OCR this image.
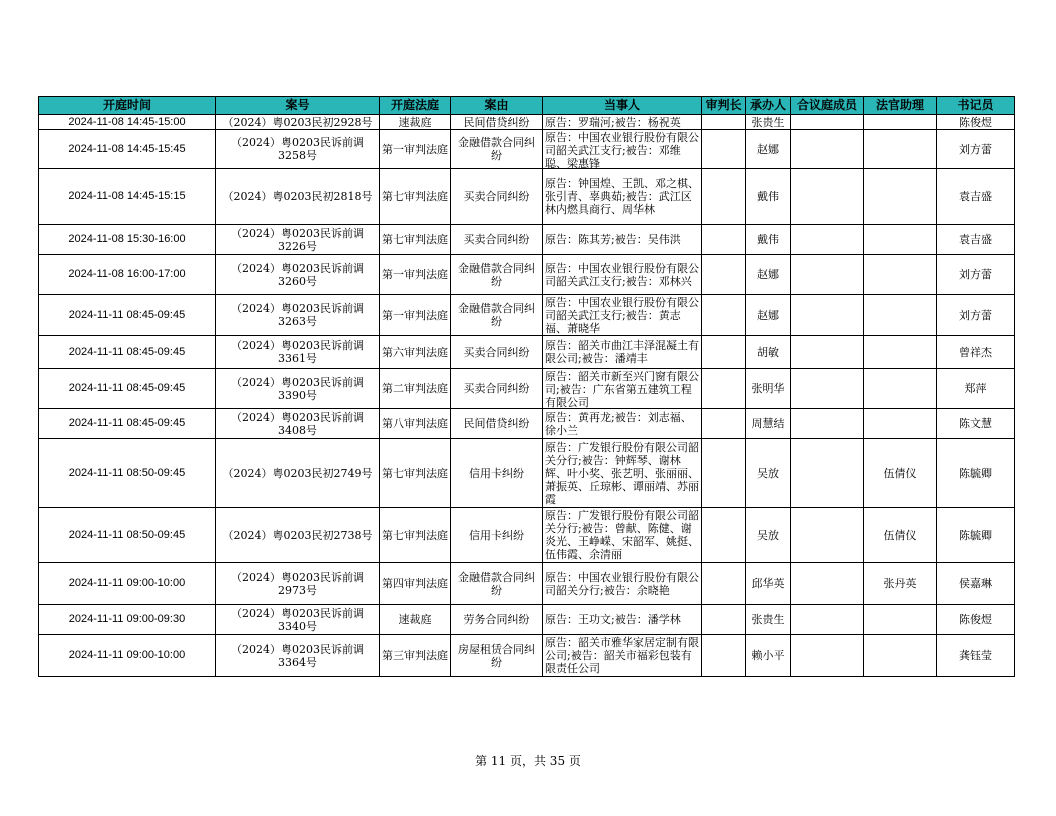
开庭时间	案号	开庭法庭	案由	当事人	审判长	承办人	合议庭成员	法官助理	书记员

2024-11-08 14:45-15:00	（2024）粤0203民初2928号	速裁庭	民间借贷纠纷	原告：罗瑞河;被告：杨祝英		张贵生			陈俊煜

2024-11-08 14:45-15:45	（2024）粤0203民诉前调3258号	第一审判法庭	金融借款合同纠纷	原告：中国农业银行股份有限公司韶关武江支行;被告：邓维聪、梁惠锋		赵娜			刘方蕾

2024-11-08 14:45-15:15	（2024）粤0203民初2818号	第七审判法庭	买卖合同纠纷	原告：钟国煌、王凯、邓之棋、张引青、辜典茹;被告：武江区林内燃具商行、周华林		戴伟			袁吉盛

2024-11-08 15:30-16:00	（2024）粤0203民诉前调3226号	第七审判法庭	买卖合同纠纷	原告：陈其芳;被告：吴伟洪		戴伟			袁吉盛

2024-11-08 16:00-17:00	（2024）粤0203民诉前调3260号	第一审判法庭	金融借款合同纠纷	原告：中国农业银行股份有限公司韶关武江支行;被告：邓林兴		赵娜			刘方蕾

2024-11-11 08:45-09:45	（2024）粤0203民诉前调3263号	第一审判法庭	金融借款合同纠纷	原告：中国农业银行股份有限公司韶关武江支行;被告：黄志福、萧晓华		赵娜			刘方蕾

2024-11-11 08:45-09:45	（2024）粤0203民诉前调3361号	第六审判法庭	买卖合同纠纷	原告：韶关市曲江丰泽混凝土有限公司;被告：潘靖丰		胡敏			曾祥杰

2024-11-11 08:45-09:45	（2024）粤0203民诉前调3390号	第二审判法庭	买卖合同纠纷	原告：韶关市新至兴门窗有限公司;被告：广东省第五建筑工程有限公司		张明华			郑萍

2024-11-11 08:45-09:45	（2024）粤0203民诉前调3408号	第八审判法庭	民间借贷纠纷	原告：黄再龙;被告：刘志福、徐小兰		周慧结			陈文慧

2024-11-11 08:50-09:45	（2024）粤0203民初2749号	第七审判法庭	信用卡纠纷	原告：广发银行股份有限公司韶关分行;被告：钟辉琴、谢林辉、叶小奖、张艺明、张丽丽、萧振英、丘琼彬、谭丽靖、苏丽霞		吴放		伍倩仪	陈毓卿

2024-11-11 08:50-09:45	（2024）粤0203民初2738号	第七审判法庭	信用卡纠纷	原告：广发银行股份有限公司韶关分行;被告：曾献、陈健、谢炎光、王峥嵘、宋韶军、姚挺、伍伟霞、余清丽		吴放		伍倩仪	陈毓卿

2024-11-11 09:00-10:00	（2024）粤0203民诉前调2973号	第四审判法庭	金融借款合同纠纷	原告：中国农业银行股份有限公司韶关分行;被告：余晓艳		邱华英		张丹英	侯嘉琳

2024-11-11 09:00-09:30	（2024）粤0203民诉前调3340号	速裁庭	劳务合同纠纷	原告：王功文;被告：潘学林		张贵生			陈俊煜

2024-11-11 09:00-10:00	（2024）粤0203民诉前调3364号	第三审判法庭	房屋租赁合同纠纷	原告：韶关市雅华家居定制有限公司;被告：韶关市福彩包装有限责任公司		赖小平			龚钰莹
第 11 页，共 35 页
